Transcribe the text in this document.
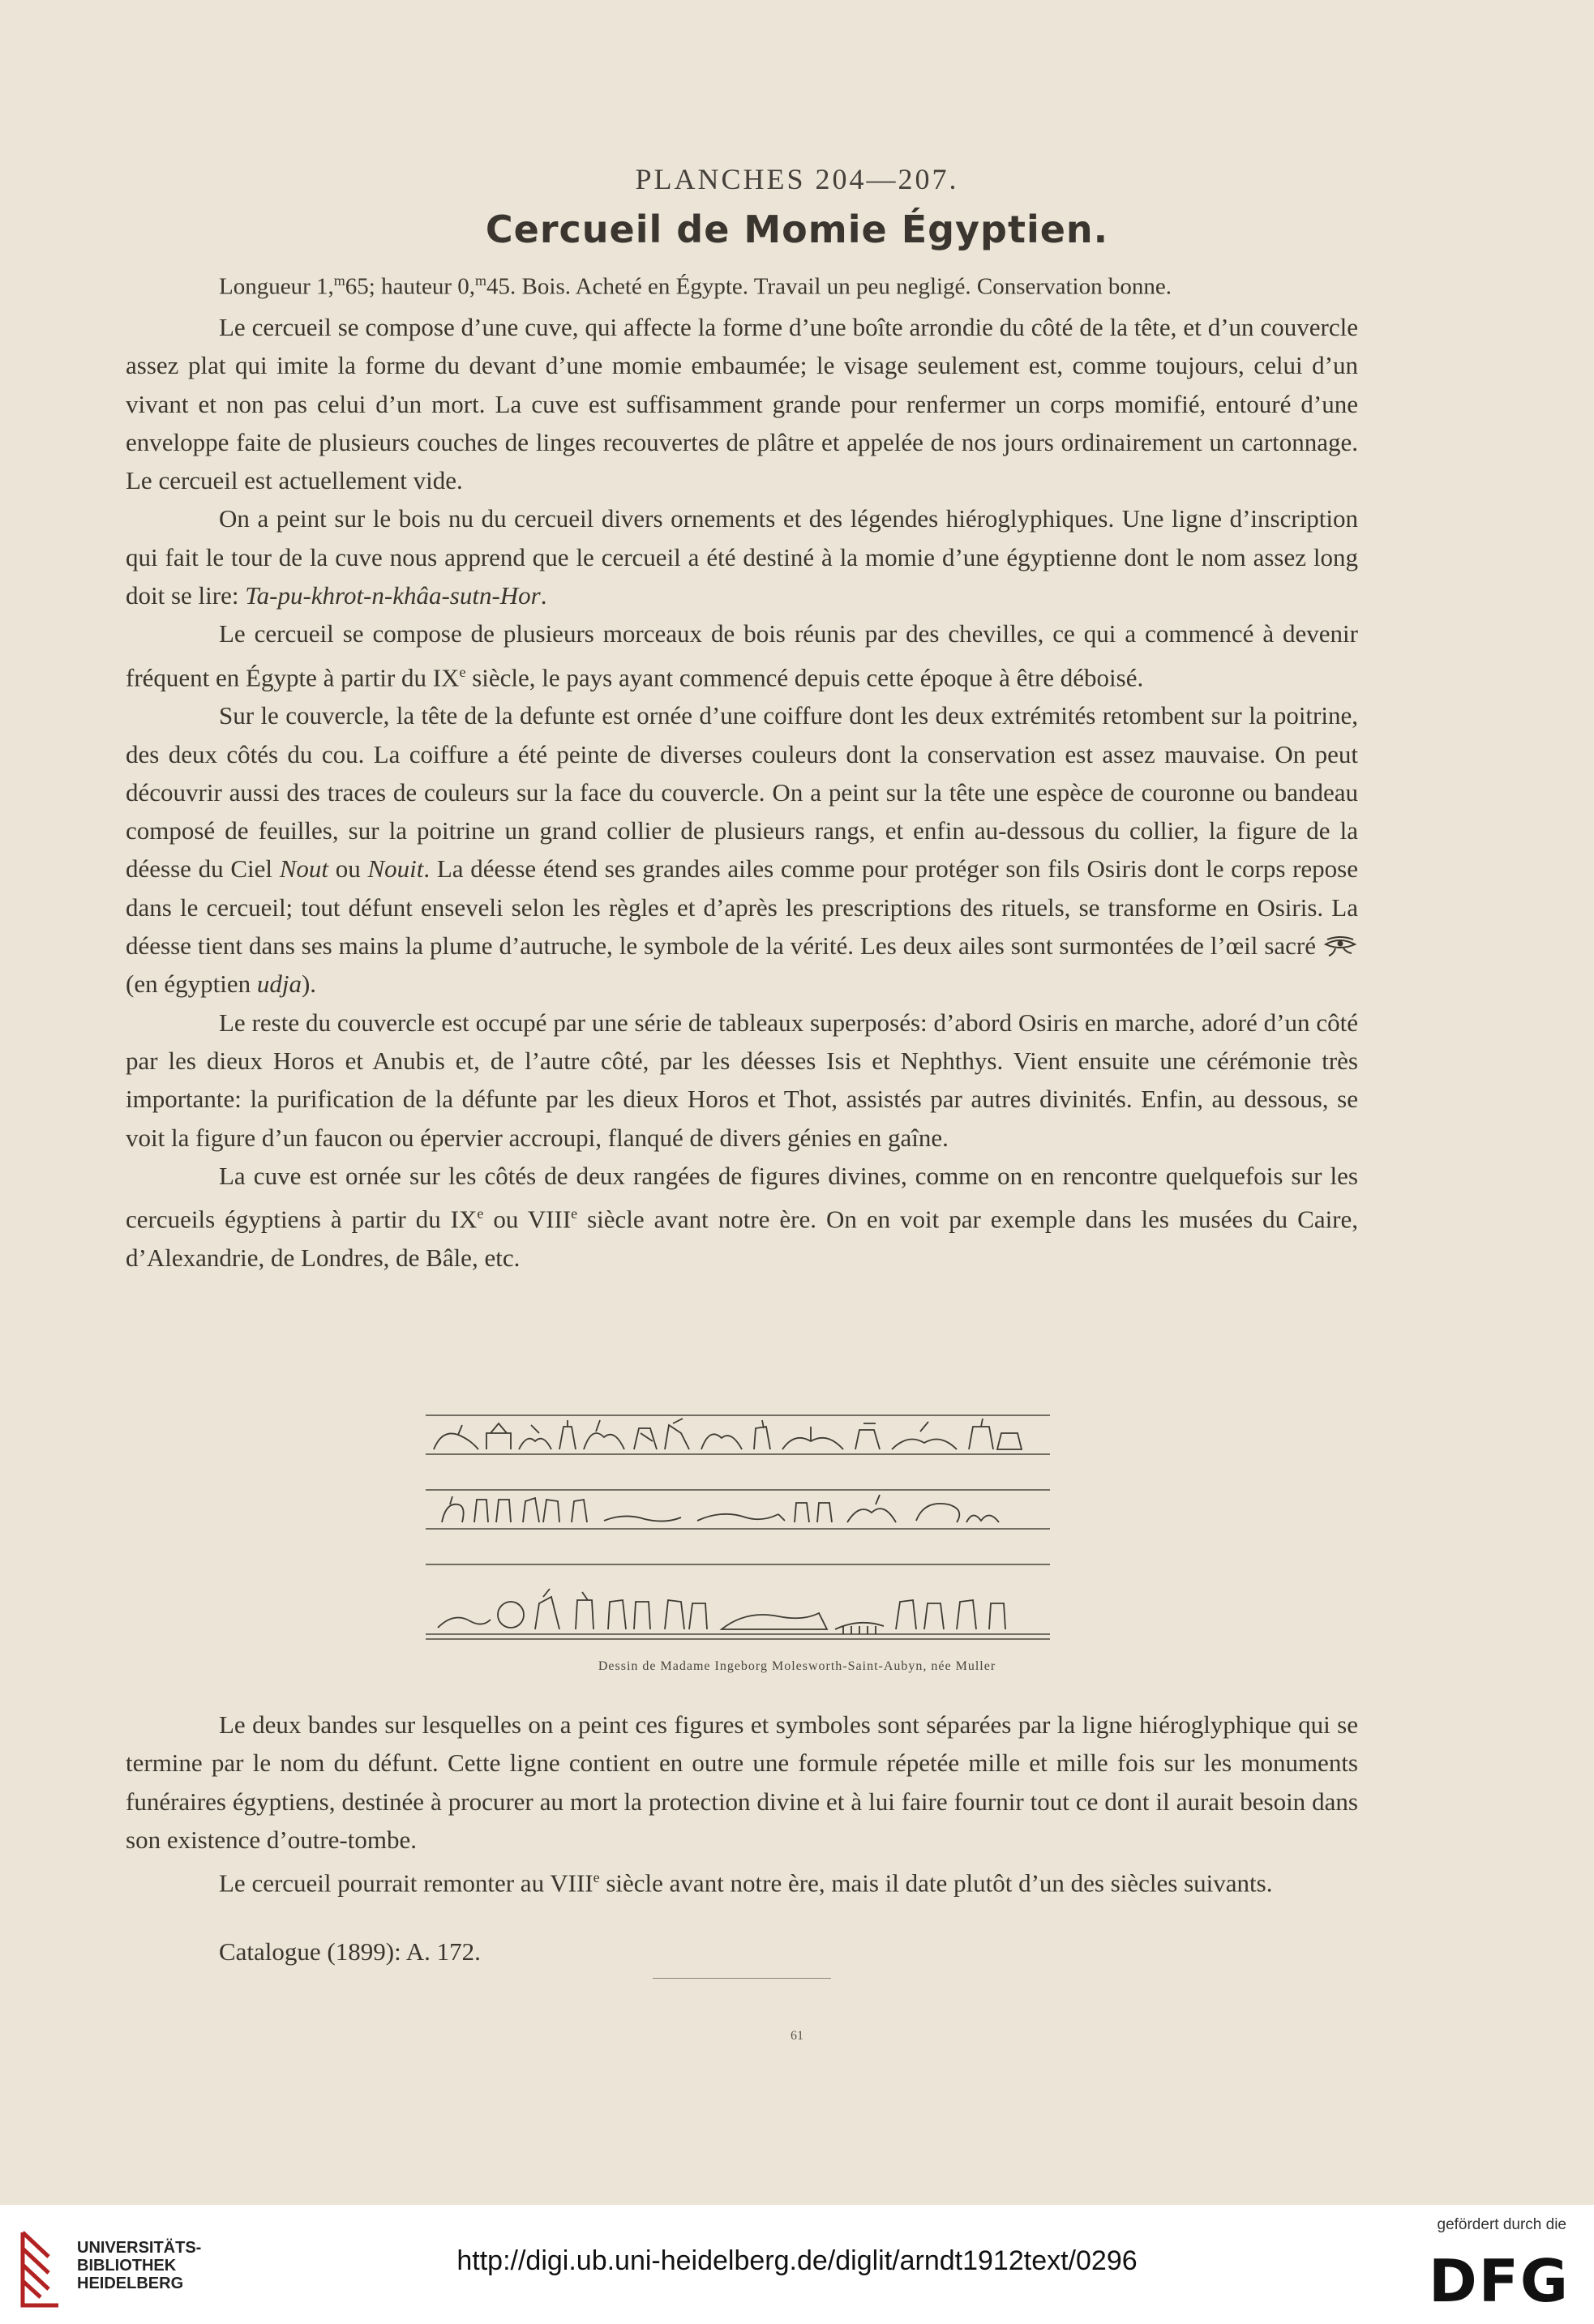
PLANCHES 204—207.
Cercueil de Momie Égyptien.
Longueur 1,$^m$65; hauteur 0,$^m$45. Bois. Acheté en Égypte. Travail un peu negligé. Conservation bonne.

Le cercueil se compose d’une cuve, qui affecte la forme d’une boîte arrondie du côté de la tête, et d’un couvercle assez plat qui imite la forme du devant d’une momie embaumée; le visage seulement est, comme toujours, celui d’un vivant et non pas celui d’un mort. La cuve est suffisamment grande pour renfermer un corps momifié, entouré d’une enveloppe faite de plusieurs couches de linges recouvertes de plâtre et appelée de nos jours ordinairement un cartonnage. Le cercueil est actuellement vide.

On a peint sur le bois nu du cercueil divers ornements et des légendes hiéroglyphiques. Une ligne d’inscription qui fait le tour de la cuve nous apprend que le cercueil a été destiné à la momie d’une égyptienne dont le nom assez long doit se lire: Ta-pu-khrot-n-khâa-sutn-Hor.

Le cercueil se compose de plusieurs morceaux de bois réunis par des chevilles, ce qui a commencé à devenir fréquent en Égypte à partir du IXe siècle, le pays ayant commencé depuis cette époque à être déboisé.

Sur le couvercle, la tête de la defunte est ornée d’une coiffure dont les deux extrémités retombent sur la poitrine, des deux côtés du cou. La coiffure a été peinte de diverses couleurs dont la conservation est assez mauvaise. On peut découvrir aussi des traces de couleurs sur la face du couvercle. On a peint sur la tête une espèce de couronne ou bandeau composé de feuilles, sur la poitrine un grand collier de plusieurs rangs, et enfin au-dessous du collier, la figure de la déesse du Ciel Nout ou Nouit. La déesse étend ses grandes ailes comme pour protéger son fils Osiris dont le corps repose dans le cercueil; tout défunt enseveli selon les règles et d’après les prescriptions des rituels, se transforme en Osiris. La déesse tient dans ses mains la plume d’autruche, le symbole de la vérité. Les deux ailes sont surmontées de l’œil sacré  (en égyptien udja).

Le reste du couvercle est occupé par une série de tableaux superposés: d’abord Osiris en marche, adoré d’un côté par les dieux Horos et Anubis et, de l’autre côté, par les déesses Isis et Nephthys. Vient ensuite une cérémonie très importante: la purification de la défunte par les dieux Horos et Thot, assistés par autres divinités. Enfin, au dessous, se voit la figure d’un faucon ou épervier accroupi, flanqué de divers génies en gaîne.

La cuve est ornée sur les côtés de deux rangées de figures divines, comme on en rencontre quelquefois sur les cercueils égyptiens à partir du IXe ou VIIIe siècle avant notre ère. On en voit par exemple dans les musées du Caire, d’Alexandrie, de Londres, de Bâle, etc.

Dessin de Madame Ingeborg Molesworth-Saint-Aubyn, née Muller

Le deux bandes sur lesquelles on a peint ces figures et symboles sont séparées par la ligne hiéroglyphique qui se termine par le nom du défunt. Cette ligne contient en outre une formule répetée mille et mille fois sur les monuments funéraires égyptiens, destinée à procurer au mort la protection divine et à lui faire fournir tout ce dont il aurait besoin dans son existence d’outre-tombe.

Le cercueil pourrait remonter au VIIIe siècle avant notre ère, mais il date plutôt d’un des siècles suivants.

Catalogue (1899): A. 172.
61
UNIVERSITÄTS-
BIBLIOTHEK
HEIDELBERG
http://digi.ub.uni-heidelberg.de/diglit/arndt1912text/0296
gefördert durch die
DFG
